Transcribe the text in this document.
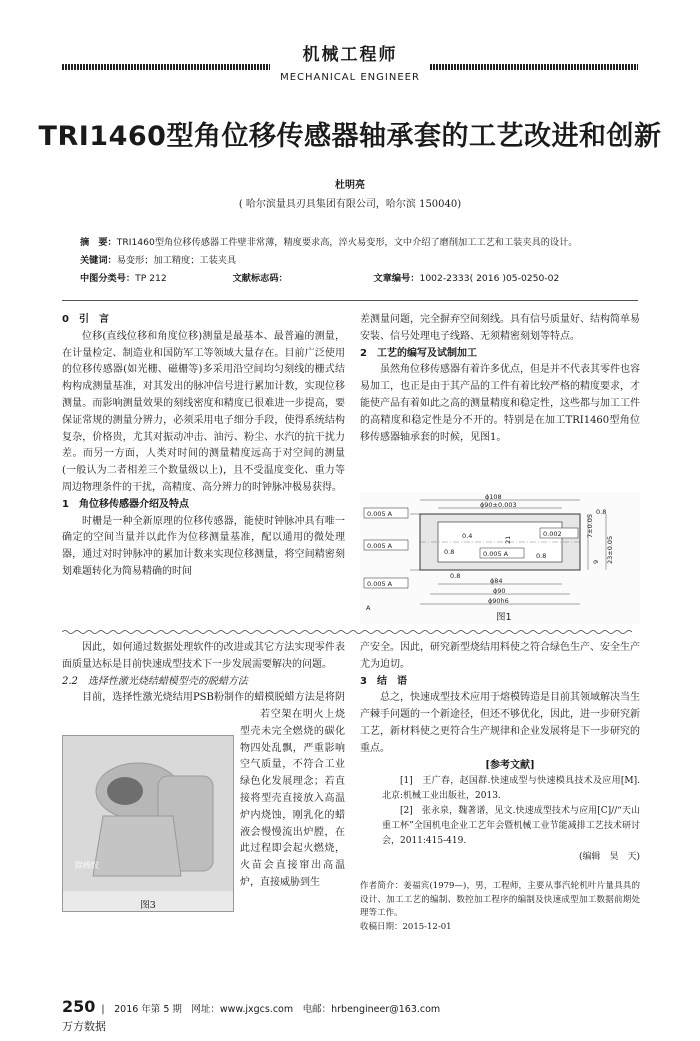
机械工程师
MECHANICAL ENGINEER
TRI1460型角位移传感器轴承套的工艺改进和创新
杜明亮
( 哈尔滨量具刃具集团有限公司，哈尔滨 150040)
摘　要：TRI1460型角位移传感器工件壁非常薄，精度要求高，淬火易变形，文中介绍了磨削加工工艺和工装夹具的设计。
关键词：易变形；加工精度；工装夹具
中图分类号：TP 212	文献标志码：	文章编号：1002-2333( 2016 )05-0250-02

0　引　言

位移(直线位移和角度位移)测量是最基本、最普遍的测量，在计量检定、制造业和国防军工等领域大量存在。目前广泛使用的位移传感器(如光栅、磁栅等)多采用沿空间均匀刻线的栅式结构构成测量基准，对其发出的脉冲信号进行累加计数，实现位移测量。而影响测量效果的刻线密度和精度已很难进一步提高，要保证常规的测量分辨力，必须采用电子细分手段，使得系统结构复杂，价格贵，尤其对振动冲击、油污、粉尘、水汽的抗干扰力差。而另一方面，人类对时间的测量精度远高于对空间的测量(一般认为二者相差三个数量级以上)，且不受温度变化、重力等周边物理条件的干扰，高精度、高分辨力的时钟脉冲极易获得。

1　角位移传感器介绍及特点

时栅是一种全新原理的位移传感器，能使时钟脉冲具有唯一确定的空间当量并以此作为位移测量基准，配以通用的微处理器，通过对时钟脉冲的累加计数来实现位移测量，将空间精密刻划难题转化为简易精确的时间

差测量问题，完全摒弃空间刻线。具有信号质量好、结构简单易安装、信号处理电子线路、无须精密刻划等特点。

2　工艺的编写及试制加工

虽然角位移传感器有着许多优点，但是并不代表其零件也容易加工，也正是由于其产品的工件有着比较严格的精度要求，才能使产品有着如此之高的测量精度和稳定性，这些都与加工工件的高精度和稳定性是分不开的。特别是在加工TRI1460型角位移传感器轴承套的时候，见图1。

ϕ108
ϕ90±0.003
ϕ84
ϕ90
ϕ90h6
0.005 A
0.005 A
0.005 A
0.002
0.005 A
A
0.8	0.8
0.8
0.8
0.4	7±0.05
21
9 23±0.05
图1

因此，如何通过数据处理软件的改进或其它方法实现零件表面质量达标是目前快速成型技术下一步发展需要解决的问题。

2.2　选择性激光烧结蜡模型壳的脱蜡方法

目前，选择性激光烧结用PSB粉制作的蜡模脱蜡方法是将阴

若空架在明火上烧型壳未完全燃烧的碳化物四处乱飘，严重影响空气质量，不符合工业绿色化发展理念；若直接将型壳直接放入高温炉内烧蚀，刚乳化的蜡液会慢慢流出炉膛，在此过程即会起火燃烧，火苗会直接窜出高温炉，直接威胁到生

除棒纹
图3

产安全。因此，研究新型烧结用料使之符合绿色生产、安全生产尤为迫切。

3　结　语

总之，快速成型技术应用于熔模铸造是目前其领域解决当生产棘手问题的一个新途径，但还不够优化，因此，进一步研究新工艺，新材料使之更符合生产规律和企业发展将是下一步研究的重点。

[参考文献]

[1]　王广春，赵国群.快速成型与快速模具技术及应用[M].北京:机械工业出版社，2013.

[2]　张永泉，魏著谱，见文.快速成型技术与应用[C]//“天山重工杯”全国机电企业工艺年会暨机械工业节能减排工艺技术研讨会，2011:415-419.

(编辑　昊　天)

作者简介：姜福宾(1979—)，男，工程师，主要从事汽轮机叶片量具具的设计、加工工艺的编制、数控加工程序的编制及快速成型加工数据前期处理等工作。

收稿日期：2015-12-01

250 |　2016 年第 5 期　网址：www.jxgcs.com　电邮：hrbengineer@163.com
万方数据
